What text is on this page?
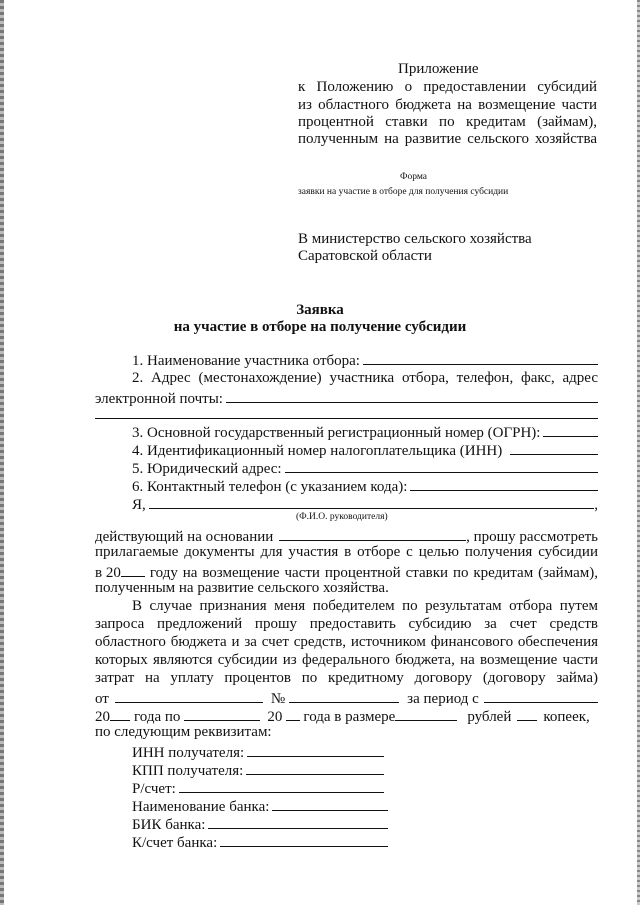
Приложение
к Положению о предоставлении субсидий
из областного бюджета на возмещение части
процентной ставки по кредитам (займам),
полученным на развитие сельского хозяйства
Форма
заявки на участие в отборе для получения субсидии
В министерство сельского хозяйства
Саратовской области
Заявка
на участие в отборе на получение субсидии
1. Наименование участника отбора:
2. Адрес (местонахождение) участника отбора, телефон, факс, адрес
электронной почты:
3. Основной государственный регистрационный номер (ОГРН):
4. Идентификационный номер налогоплательщика (ИНН)
5. Юридический адрес:
6. Контактный телефон (с указанием кода):
Я,	,
(Ф.И.О. руководителя)
действующий на основании	, прошу рассмотреть
прилагаемые документы для участия в отборе с целью получения субсидии
в 20 году на возмещение части процентной ставки по кредитам (займам),
полученным на развитие сельского хозяйства.
В случае признания меня победителем по результатам отбора путем
запроса предложений прошу предоставить субсидию за счет средств
областного бюджета и за счет средств, источником финансового обеспечения
которых являются субсидии из федерального бюджета, на возмещение части
затрат на уплату процентов по кредитному договору (договору займа)
от	№	за период с
20 года по	20 года в размере	рублей копеек,
по следующим реквизитам:
ИНН получателя:
КПП получателя:
Р/счет:
Наименование банка:
БИК банка:
К/счет банка:
